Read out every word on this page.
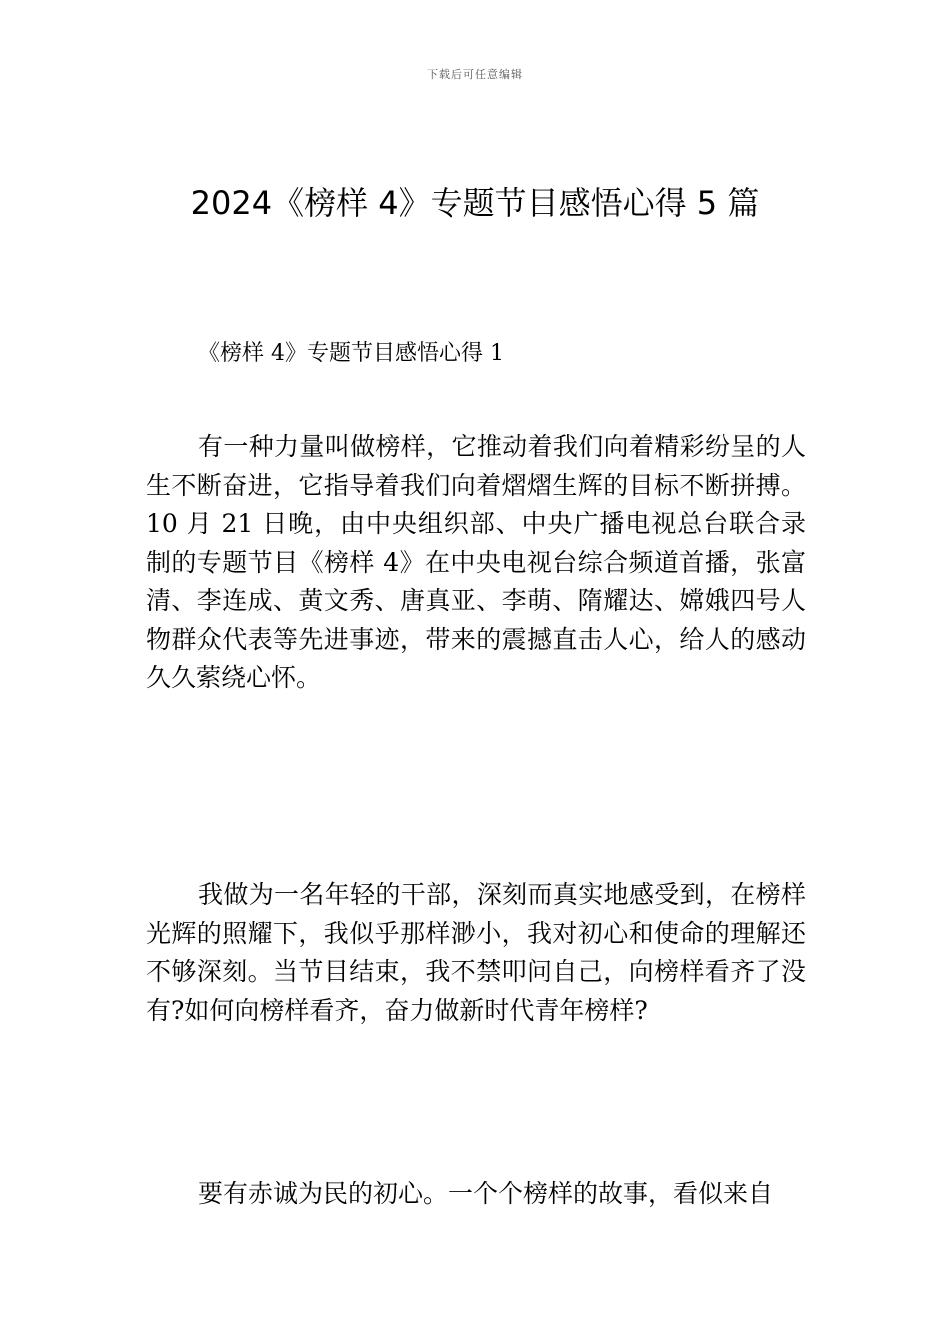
下载后可任意编辑
2024《榜样 4》专题节目感悟心得 5 篇
《榜样 4》专题节目感悟心得 1

有一种力量叫做榜样，它推动着我们向着精彩纷呈的人生不断奋进，它指导着我们向着熠熠生辉的目标不断拼搏。10 月 21 日晚，由中央组织部、中央广播电视总台联合录制的专题节目《榜样 4》在中央电视台综合频道首播，张富清、李连成、黄文秀、唐真亚、李萌、隋耀达、嫦娥四号人物群众代表等先进事迹，带来的震撼直击人心，给人的感动久久萦绕心怀。

我做为一名年轻的干部，深刻而真实地感受到，在榜样光辉的照耀下，我似乎那样渺小，我对初心和使命的理解还不够深刻。当节目结束，我不禁叩问自己，向榜样看齐了没有?如何向榜样看齐，奋力做新时代青年榜样?

要有赤诚为民的初心。一个个榜样的故事，看似来自
